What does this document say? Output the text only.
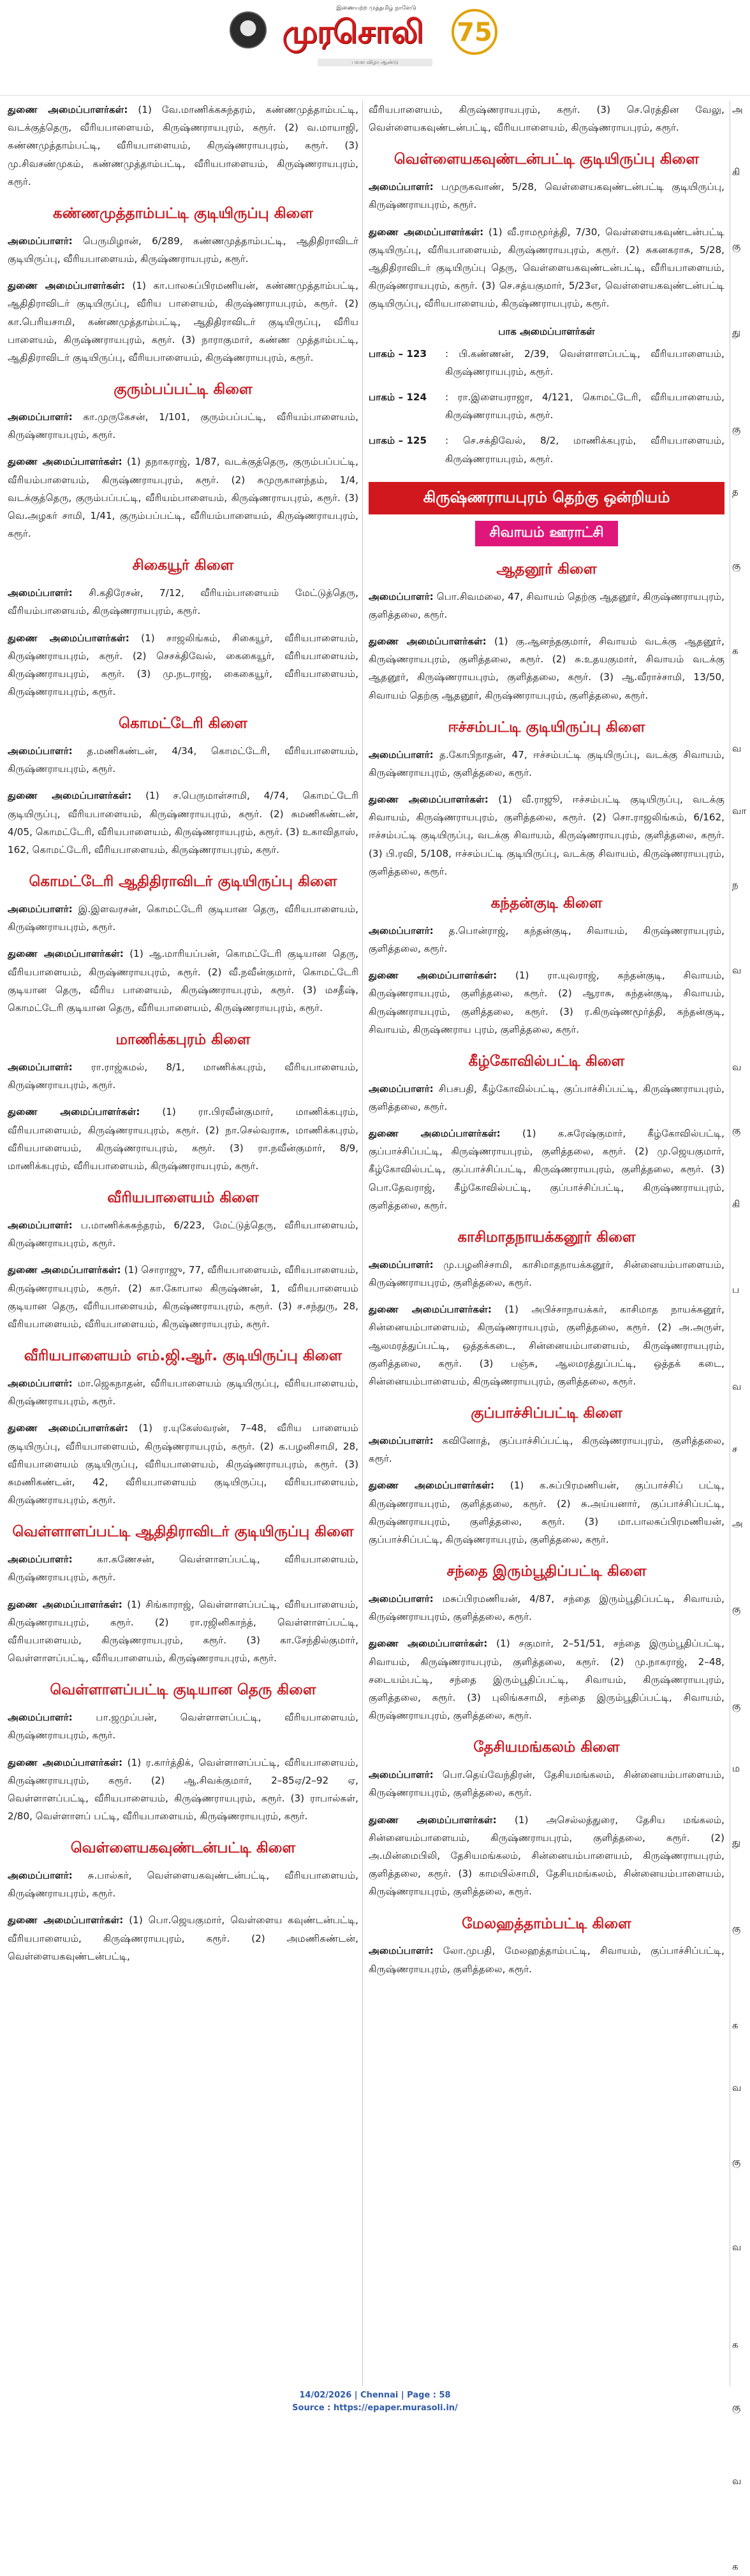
இணையற்ற முத்தமிழ் நாளேடு
முரசொலி	75
பவள விழா ஆண்டு
துணை அமைப்பாளர்கள்: (1) வே.மாணிக்கசுந்தரம், கண்ணமுத்தாம்பட்டி, வடக்குத்தெரு, வீரியபாளையம், கிருஷ்ணராயபுரம், கரூர். (2) வ.மாயாஜி, கண்ணமுத்தாம்பட்டி, வீரியபாளையம், கிருஷ்ணராயபுரம், கரூர். (3) மு.சிவசண்முகம், கண்ணமுத்தாம்பட்டி, வீரியபாளையம், கிருஷ்ணராயபுரம், கரூர்.
கண்ணமுத்தாம்பட்டி குடியிருப்பு கிளை
அமைப்பாளர்: பெருமிழான், 6/289, கண்ணமுத்தாம்பட்டி, ஆதிதிராவிடர் குடியிருப்பு, வீரியபாளையம், கிருஷ்ணராயபுரம், கரூர்.
துணை அமைப்பாளர்கள்: (1) கா.பாலசுப்பிரமணியன், கண்ணமுத்தாம்பட்டி, ஆதிதிராவிடர் குடியிருப்பு, வீரிய பாளையம், கிருஷ்ணராயபுரம், கரூர். (2) கா.பெரியசாமி, கண்ணமுத்தாம்பட்டி, ஆதிதிராவிடர் குடியிருப்பு, வீரிய பாளையம், கிருஷ்ணராயபுரம், கரூர். (3) நாராகுமார், கண்ண முத்தாம்பட்டி, ஆதிதிராவிடர் குடியிருப்பு, வீரியபாளையம், கிருஷ்ணராயபுரம், கரூர்.
குரும்பப்பட்டி கிளை
அமைப்பாளர்: கா.முருகேசன், 1/101, குரும்பப்பட்டி, வீரியம்பாளையம், கிருஷ்ணராயபுரம், கரூர்.
துணை அமைப்பாளர்கள்: (1) தநாகராஜ், 1/87, வடக்குத்தெரு, குரும்பப்பட்டி, வீரியம்பாளையம், கிருஷ்ணராயபுரம், கரூர். (2) சுமுருகானந்தம், 1/4, வடக்குத்தெரு, குரும்பப்பட்டி, வீரியம்பாளையம், கிருஷ்ணராயபுரம், கரூர். (3) வெ.அழகர் சாமி, 1/41, குரும்பப்பட்டி, வீரியம்பாளையம், கிருஷ்ணராயபுரம், கரூர்.
சிகையூர் கிளை
அமைப்பாளர்: சி.கதிரேசன், 7/12, வீரியம்பாளையம் மேட்டுத்தெரு, வீரியம்பாளையம், கிருஷ்ணராயபுரம், கரூர்.
துணை அமைப்பாளர்கள்: (1) சாஜலிங்கம், சிகையூர், வீரியபாளையம், கிருஷ்ணராயபுரம், கரூர். (2) செசக்திவேல், கைகையூர், வீரியபாளையம், கிருஷ்ணராயபுரம், கரூர். (3) மு.நடராஜ், கைகையூர், வீரியபாளையம், கிருஷ்ணராயபுரம், கரூர்.
கொமட்டேரி கிளை
அமைப்பாளர்: த.மணிகண்டன், 4/34, கொமட்டேரி, வீரியபாளையம், கிருஷ்ணராயபுரம், கரூர்.
துணை அமைப்பாளர்கள்: (1) ச.பெருமாள்சாமி, 4/74, கொமட்டேரி குடியிருப்பு, வீரியபாளையம், கிருஷ்ணராயபுரம், கரூர். (2) சுமணிகண்டன், 4/05, கொமட்டேரி, வீரியபாளையம், கிருஷ்ணராயபுரம், கரூர். (3) உகாவிதாஸ், 162, கொமட்டேரி, வீரியபாளையம், கிருஷ்ணராயபுரம், கரூர்.
கொமட்டேரி ஆதிதிராவிடர் குடியிருப்பு கிளை
அமைப்பாளர்: இ.இளவரசன், கொமட்டேரி குடியான தெரு, வீரியபாளையம், கிருஷ்ணராயபுரம், கரூர்.
துணை அமைப்பாளர்கள்: (1) ஆ.மாரியப்பன், கொமட்டேரி குடியான தெரு, வீரியபாளையம், கிருஷ்ணராயபுரம், கரூர். (2) வீ.நவீன்குமார், கொமட்டேரி குடியான தெரு, வீரிய பாளையம், கிருஷ்ணராயபுரம், கரூர். (3) மசதீஷ், கொமட்டேரி குடியான தெரு, வீரியபாளையம், கிருஷ்ணராயபுரம், கரூர்.
மாணிக்கபுரம் கிளை
அமைப்பாளர்: ரா.ராஜ்கமல், 8/1, மாணிக்கபுரம், வீரியபாளையம், கிருஷ்ணராயபுரம், கரூர்.
துணை அமைப்பாளர்கள்: (1) ரா.பிரவீன்குமார், மாணிக்கபுரம், வீரியபாளையம், கிருஷ்ணராயபுரம், கரூர். (2) நா.செல்வராசு, மாணிக்கபுரம், வீரியபாளையம், கிருஷ்ணராயபுரம், கரூர். (3) ரா.நவீன்குமார், 8/9, மாணிக்கபுரம், வீரியபாளையம், கிருஷ்ணராயபுரம், கரூர்.
வீரியபாளையம் கிளை
அமைப்பாளர்: ப.மாணிக்கசுந்தரம், 6/223, மேட்டுத்தெரு, வீரியபாளையம், கிருஷ்ணராயபுரம், கரூர்.
துணை அமைப்பாளர்கள்: (1) சொராஜு, 77, வீரியபாளையம், வீரியபாளையம், கிருஷ்ணராயபுரம், கரூர். (2) கா.கோபால கிருஷ்ணன், 1, வீரியபாளையம் குடியான தெரு, வீரியபாளையம், கிருஷ்ணராயபுரம், கரூர். (3) ச.சந்துரு, 28, வீரியபாளையம், வீரியபாளையம், கிருஷ்ணராயபுரம், கரூர்.
வீரியபாளையம் எம்.ஜி.ஆர். குடியிருப்பு கிளை
அமைப்பாளர்: மா.ஜெகநாதன், வீரியபாளையம் குடியிருப்பு, வீரியபாளையம், கிருஷ்ணராயபுரம், கரூர்.
துணை அமைப்பாளர்கள்: (1) ர.யுகேஸ்வரன், 7–48, வீரிய பாளையம் குடியிருப்பு, வீரியபாளையம், கிருஷ்ணராயபுரம், கரூர். (2) க.பழனிசாமி, 28, வீரியபாளையம் குடியிருப்பு, வீரியபாளையம், கிருஷ்ணராயபுரம், கரூர். (3) சுமணிகண்டன், 42, வீரியபாளையம் குடியிருப்பு, வீரியபாளையம், கிருஷ்ணராயபுரம், கரூர்.
வெள்ளாளப்பட்டி ஆதிதிராவிடர் குடியிருப்பு கிளை
அமைப்பாளர்: கா.கணேசன், வெள்ளாளப்பட்டி, வீரியபாளையம், கிருஷ்ணராயபுரம், கரூர்.
துணை அமைப்பாளர்கள்: (1) சிங்காராஜ், வெள்ளாளப்பட்டி, வீரியபாளையம், கிருஷ்ணராயபுரம், கரூர். (2) ரா.ரஜினிகாந்த், வெள்ளாளப்பட்டி, வீரியபாளையம், கிருஷ்ணராயபுரம், கரூர். (3) கா.சேந்தில்குமார், வெள்ளாளப்பட்டி, வீரியபாளையம், கிருஷ்ணராயபுரம், கரூர்.
வெள்ளாளப்பட்டி குடியான தெரு கிளை
அமைப்பாளர்: பா.ஜமுப்பன், வெள்ளாளப்பட்டி, வீரியபாளையம், கிருஷ்ணராயபுரம், கரூர்.
துணை அமைப்பாளர்கள்: (1) ர.கார்த்திக், வெள்ளாளப்பட்டி, வீரியபாளையம், கிருஷ்ணராயபுரம், கரூர். (2) ஆ.சிவக்குமார், 2–85ஏ/2–92 ஏ, வெள்ளாளப்பட்டி, வீரியபாளையம், கிருஷ்ணராயபுரம், கரூர். (3) ராபால்கள், 2/80, வெள்ளாளப் பட்டி, வீரியபாளையம், கிருஷ்ணராயபுரம், கரூர்.
வெள்ளையகவுண்டன்பட்டி கிளை
அமைப்பாளர்: சு.பால்கர், வெள்ளையகவுண்டன்பட்டி, வீரியபாளையம், கிருஷ்ணராயபுரம், கரூர்.
துணை அமைப்பாளர்கள்: (1) பொ.ஜெயகுமார், வெள்ளைய கவுண்டன்பட்டி, வீரியபாளையம், கிருஷ்ணராயபுரம், கரூர். (2) அமணிகண்டன், வெள்ளையகவுண்டன்பட்டி,
வீரியபாளையம், கிருஷ்ணராயபுரம், கரூர். (3) செ.ரெத்தின வேலு, வெள்ளையகவுண்டன்பட்டி, வீரியபாளையம், கிருஷ்ணராயபுரம், கரூர்.
வெள்ளையகவுண்டன்பட்டி குடியிருப்பு கிளை
அமைப்பாளர்: பமுருகவாண், 5/28, வெள்ளையகவுண்டன்பட்டி குடியிருப்பு, கிருஷ்ணராயபுரம், கரூர்.
துணை அமைப்பாளர்கள்: (1) வீ.ராமமூர்த்தி, 7/30, வெள்ளையகவுண்டன்பட்டி குடியிருப்பு, வீரியபாளையம், கிருஷ்ணராயபுரம், கரூர். (2) சுகனகராசு, 5/28, ஆதிதிராவிடர் குடியிருப்பு தெரு, வெள்ளையகவுண்டன்பட்டி, வீரியபாளையம், கிருஷ்ணராயபுரம், கரூர். (3) செ.சத்யகுமார், 5/23எ, வெள்ளையகவுண்டன்பட்டி குடியிருப்பு, வீரியபாளையம், கிருஷ்ணராயபுரம், கரூர்.
பாக அமைப்பாளர்கள்
பாகம் – 123	: பி.கண்ணன், 2/39, வெள்ளாளப்பட்டி, வீரியபாளையம், கிருஷ்ணராயபுரம், கரூர்.
பாகம் – 124	: ரா.இளையராஜா, 4/121, கொமட்டேரி, வீரியபாளையம், கிருஷ்ணராயபுரம், கரூர்.
பாகம் – 125	: செ.சக்திவேல், 8/2, மாணிக்கபுரம், வீரியபாளையம், கிருஷ்ணராயபுரம், கரூர்.
கிருஷ்ணராயபுரம் தெற்கு ஒன்றியம்
சிவாயம் ஊராட்சி
ஆதனூர் கிளை
அமைப்பாளர்: பொ.சிவமலை, 47, சிவாயம் தெற்கு ஆதனூர், கிருஷ்ணராயபுரம், குளித்தலை, கரூர்.
துணை அமைப்பாளர்கள்: (1) கு.ஆனந்தகுமார், சிவாயம் வடக்கு ஆதனூர், கிருஷ்ணராயபுரம், குளித்தலை, கரூர். (2) சு.உதயகுமார், சிவாயம் வடக்கு ஆதனூர், கிருஷ்ணராயபுரம், குளித்தலை, கரூர். (3) ஆ.வீராச்சாமி, 13/50, சிவாயம் தெற்கு ஆதனூர், கிருஷ்ணராயபுரம், குளித்தலை, கரூர்.
ஈச்சம்பட்டி குடியிருப்பு கிளை
அமைப்பாளர்: த.கோபிநாதன், 47, ஈச்சம்பட்டி குடியிருப்பு, வடக்கு சிவாயம், கிருஷ்ணராயபுரம், குளித்தலை, கரூர்.
துணை அமைப்பாளர்கள்: (1) வீ.ராஜூ, ஈச்சம்பட்டி குடியிருப்பு, வடக்கு சிவாயம், கிருஷ்ணராயபுரம், குளித்தலை, கரூர். (2) சொ.ராஜலிங்கம், 6/162, ஈச்சம்பட்டி குடியிருப்பு, வடக்கு சிவாயம், கிருஷ்ணராயபுரம், குளித்தலை, கரூர். (3) பி.ரவி, 5/108, ஈச்சம்பட்டி குடியிருப்பு, வடக்கு சிவாயம், கிருஷ்ணராயபுரம், குளித்தலை, கரூர்.
கந்தன்குடி கிளை
அமைப்பாளர்: த.பொன்ராஜ், கந்தன்குடி, சிவாயம், கிருஷ்ணராயபுரம், குளித்தலை, கரூர்.
துணை அமைப்பாளர்கள்: (1) ரா.யுவராஜ், கந்தன்குடி, சிவாயம், கிருஷ்ணராயபுரம், குளித்தலை, கரூர். (2) ஆராசு, கந்தன்குடி, சிவாயம், கிருஷ்ணராயபுரம், குளித்தலை, கரூர். (3) ர.கிருஷ்ணமூர்த்தி, கந்தன்குடி, சிவாயம், கிருஷ்ணராய புரம், குளித்தலை, கரூர்.
கீழ்கோவில்பட்டி கிளை
அமைப்பாளர்: சிபசபதி, கீழ்கோவில்பட்டி, குப்பாச்சிப்பட்டி, கிருஷ்ணராயபுரம், குளித்தலை, கரூர்.
துணை அமைப்பாளர்கள்: (1) க.சுரேஷ்குமார், கீழ்கோவில்பட்டி, குப்பாச்சிப்பட்டி, கிருஷ்ணராயபுரம், குளித்தலை, கரூர். (2) மு.ஜெயகுமார், கீழ்கோவில்பட்டி, குப்பாச்சிப்பட்டி, கிருஷ்ணராயபுரம், குளித்தலை, கரூர். (3) பொ.தேவராஜ், கீழ்கோவில்பட்டி, குப்பாச்சிப்பட்டி, கிருஷ்ணராயபுரம், குளித்தலை, கரூர்.
காசிமாதநாயக்கனூர் கிளை
அமைப்பாளர்: மு.பழனிச்சாமி, காசிமாதநாயக்கனூர், சின்னையம்பாளையம், கிருஷ்ணராயபுரம், குளித்தலை, கரூர்.
துணை அமைப்பாளர்கள்: (1) அபிச்சாநாயக்கர், காசிமாத நாயக்கனூர், சின்னையம்பாளையம், கிருஷ்ணராயபுரம், குளித்தலை, கரூர். (2) அ.அருள், ஆலமரத்துப்பட்டி, ஒத்தக்கடை, சின்னையம்பாளையம், கிருஷ்ணராயபுரம், குளித்தலை, கரூர். (3) பஞ்சு, ஆலமரத்துப்பட்டி, ஒத்தக் கடை, சின்னையம்பாளையம், கிருஷ்ணராயபுரம், குளித்தலை, கரூர்.
குப்பாச்சிப்பட்டி கிளை
அமைப்பாளர்: கவினோத், குப்பாச்சிப்பட்டி, கிருஷ்ணராயபுரம், குளித்தலை, கரூர்.
துணை அமைப்பாளர்கள்: (1) க.சுப்பிரமணியன், குப்பாச்சிப் பட்டி, கிருஷ்ணராயபுரம், குளித்தலை, கரூர். (2) சு.அய்யனார், குப்பாச்சிப்பட்டி, கிருஷ்ணராயபுரம், குளித்தலை, கரூர். (3) மா.பாலசுப்பிரமணியன், குப்பாச்சிப்பட்டி, கிருஷ்ணராயபுரம், குளித்தலை, கரூர்.
சந்தை இரும்பூதிப்பட்டி கிளை
அமைப்பாளர்: மசுப்பிரமணியன், 4/87, சந்தை இரும்பூதிப்பட்டி, சிவாயம், கிருஷ்ணராயபுரம், குளித்தலை, கரூர்.
துணை அமைப்பாளர்கள்: (1) சகுமார், 2–51/51, சந்தை இரும்பூதிப்பட்டி, சிவாயம், கிருஷ்ணராயபுரம், குளித்தலை, கரூர். (2) மு.நாகராஜ், 2–48, சடையம்பட்டி, சந்தை இரும்பூதிப்பட்டி, சிவாயம், கிருஷ்ணராயபுரம், குளித்தலை, கரூர். (3) புலிங்கசாமி, சந்தை இரும்பூதிப்பட்டி, சிவாயம், கிருஷ்ணராயபுரம், குளித்தலை, கரூர்.
தேசியமங்கலம் கிளை
அமைப்பாளர்: பொ.தெய்வேந்திரன், தேசியமங்கலம், சின்னையம்பாளையம், கிருஷ்ணராயபுரம், குளித்தலை, கரூர்.
துணை அமைப்பாளர்கள்: (1) அசெல்லத்துரை, தேசிய மங்கலம், சின்னையம்பாளையம், கிருஷ்ணராயபுரம், குளித்தலை, கரூர். (2) அ.மின்மைபிலி, தேசியமங்கலம், சின்னையம்பாளையம், கிருஷ்ணராயபுரம், குளித்தலை, கரூர். (3) காமயில்சாமி, தேசியமங்கலம், சின்னையம்பாளையம், கிருஷ்ணராயபுரம், குளித்தலை, கரூர்.
மேலஹத்தாம்பட்டி கிளை
அமைப்பாளர்: லோ.முபதி, மேலஹத்தாம்பட்டி, சிவாயம், குப்பாச்சிப்பட்டி, கிருஷ்ணராயபுரம், குளித்தலை, கரூர்.
அ
கி
கு
து
கு
த
கு
க
வ
வா
ந
வ
வ
கு
கி
ப
வ
ச
அ
கு
கு
ம
து
கு
க
வ
கு
வ
க
கு
வ
க
14/02/2026 | Chennai | Page : 58
Source : https://epaper.murasoli.in/
